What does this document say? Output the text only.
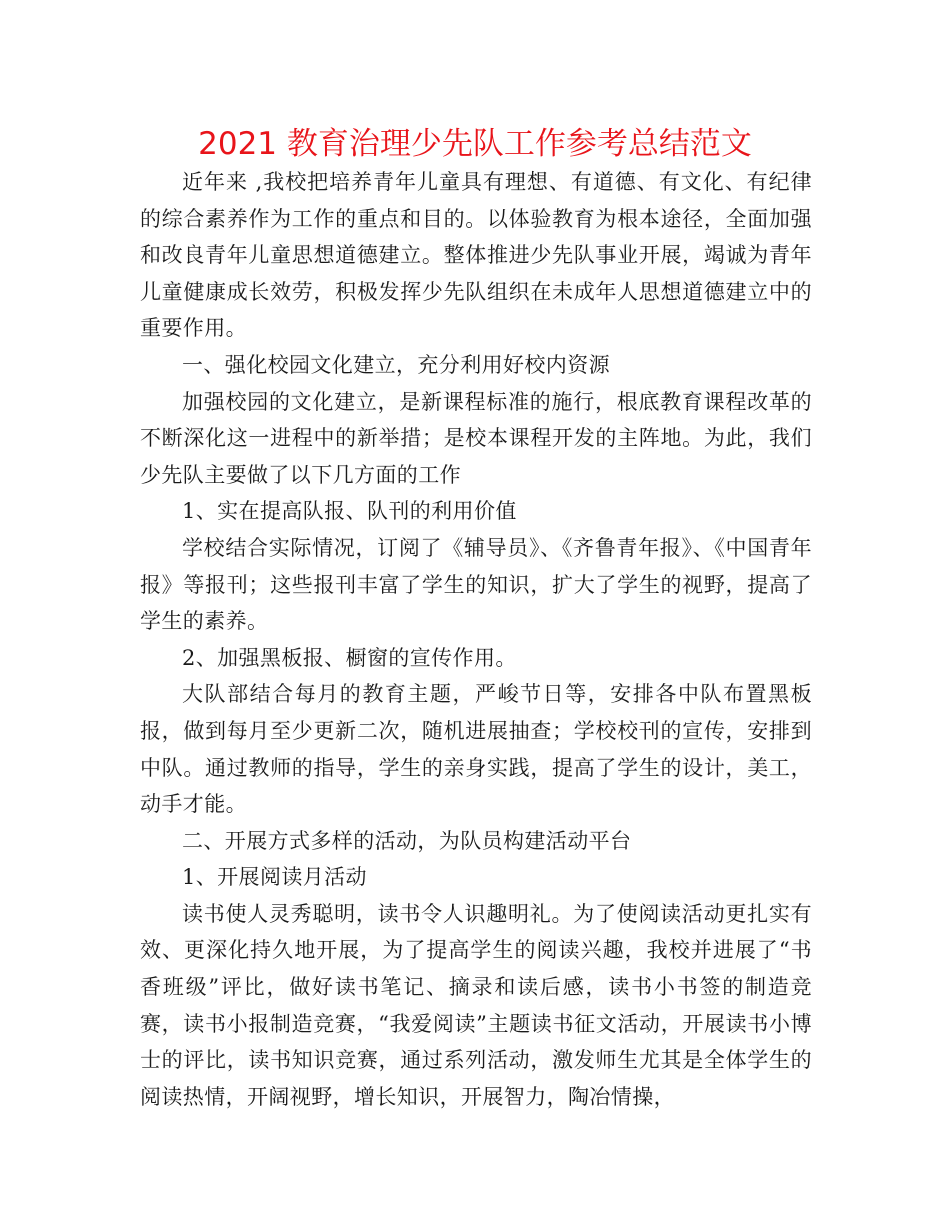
2021 教育治理少先队工作参考总结范文

近年来 ,我校把培养青年儿童具有理想、有道德、有文化、有纪律的综合素养作为工作的重点和目的。以体验教育为根本途径，全面加强和改良青年儿童思想道德建立。整体推进少先队事业开展，竭诚为青年儿童健康成长效劳，积极发挥少先队组织在未成年人思想道德建立中的重要作用。

一、强化校园文化建立，充分利用好校内资源

加强校园的文化建立，是新课程标准的施行，根底教育课程改革的不断深化这一进程中的新举措；是校本课程开发的主阵地。为此，我们少先队主要做了以下几方面的工作

1、实在提高队报、队刊的利用价值

学校结合实际情况，订阅了《辅导员》、《齐鲁青年报》、《中国青年报》等报刊；这些报刊丰富了学生的知识，扩大了学生的视野，提高了学生的素养。

2、加强黑板报、橱窗的宣传作用。

大队部结合每月的教育主题，严峻节日等，安排各中队布置黑板报，做到每月至少更新二次，随机进展抽查；学校校刊的宣传，安排到中队。通过教师的指导，学生的亲身实践，提高了学生的设计，美工，动手才能。

二、开展方式多样的活动，为队员构建活动平台

1、开展阅读月活动

读书使人灵秀聪明，读书令人识趣明礼。为了使阅读活动更扎实有效、更深化持久地开展，为了提高学生的阅读兴趣，我校并进展了“书香班级”评比，做好读书笔记、摘录和读后感，读书小书签的制造竞赛，读书小报制造竞赛，“我爱阅读”主题读书征文活动，开展读书小博士的评比，读书知识竞赛，通过系列活动，激发师生尤其是全体学生的阅读热情，开阔视野，增长知识，开展智力，陶冶情操，
